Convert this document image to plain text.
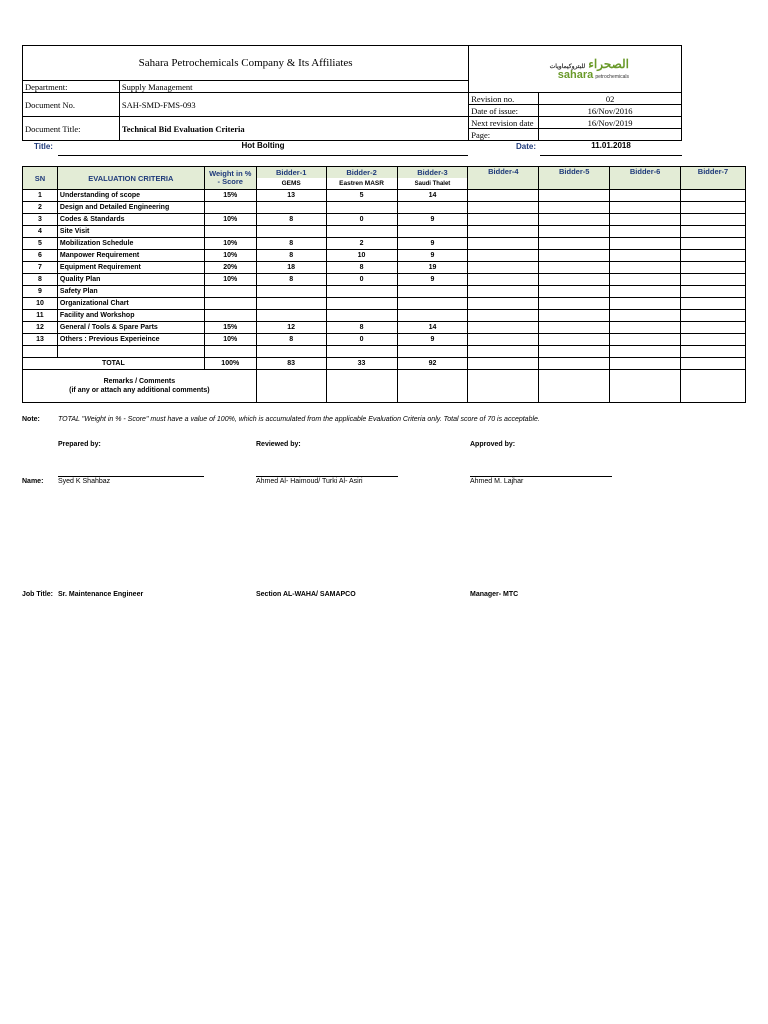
Sahara Petrochemicals Company & Its Affiliates		الصحراء للبتروكيماويات
sahara petrochemicals	

Department:	Supply Management		
Document No.	SAH-SMD-FMS-093	Revision no.	02
		Date of issue:	16/Nov/2016
Document Title:	Technical Bid Evaluation Criteria	Next revision date	16/Nov/2019
		Page:	
Title:	Hot Bolting	Date:	11.01.2018
SN	EVALUATION CRITERIA	Weight in % - Score	Bidder-1	Bidder-2	Bidder-3	Bidder-4	Bidder-5	Bidder-6	Bidder-7
			GEMS	Eastren MASR	Saudi Thalet				
1	Understanding of scope	15%	13	5	14				
2	Design and Detailed Engineering								
3	Codes & Standards	10%	8	0	9				
4	Site Visit								
5	Mobilization Schedule	10%	8	2	9				
6	Manpower Requirement	10%	8	10	9				
7	Equipment Requirement	20%	18	8	19				
8	Quality Plan	10%	8	0	9				
9	Safety Plan								
10	Organizational Chart								
11	Facility and Workshop								
12	General / Tools & Spare Parts	15%	12	8	14				
13	Others : Previous Experieince	10%	8	0	9				

TOTAL		100%	83	33	92				

Remarks / Comments
(if any or attach any additional comments)									

Note:	TOTAL "Weight in % - Score" must have a value of 100%, which is accumulated from the applicable Evaluation Criteria only. Total score of 70 is acceptable.
Prepared by:	Reviewed by:	Approved by:
Name: Syed K Shahbaz	Ahmed Al- Haimoud/ Turki Al- Asiri	Ahmed M. Lajhar
Job Title: Sr. Maintenance Engineer	Section AL-WAHA/ SAMAPCO	Manager- MTC
